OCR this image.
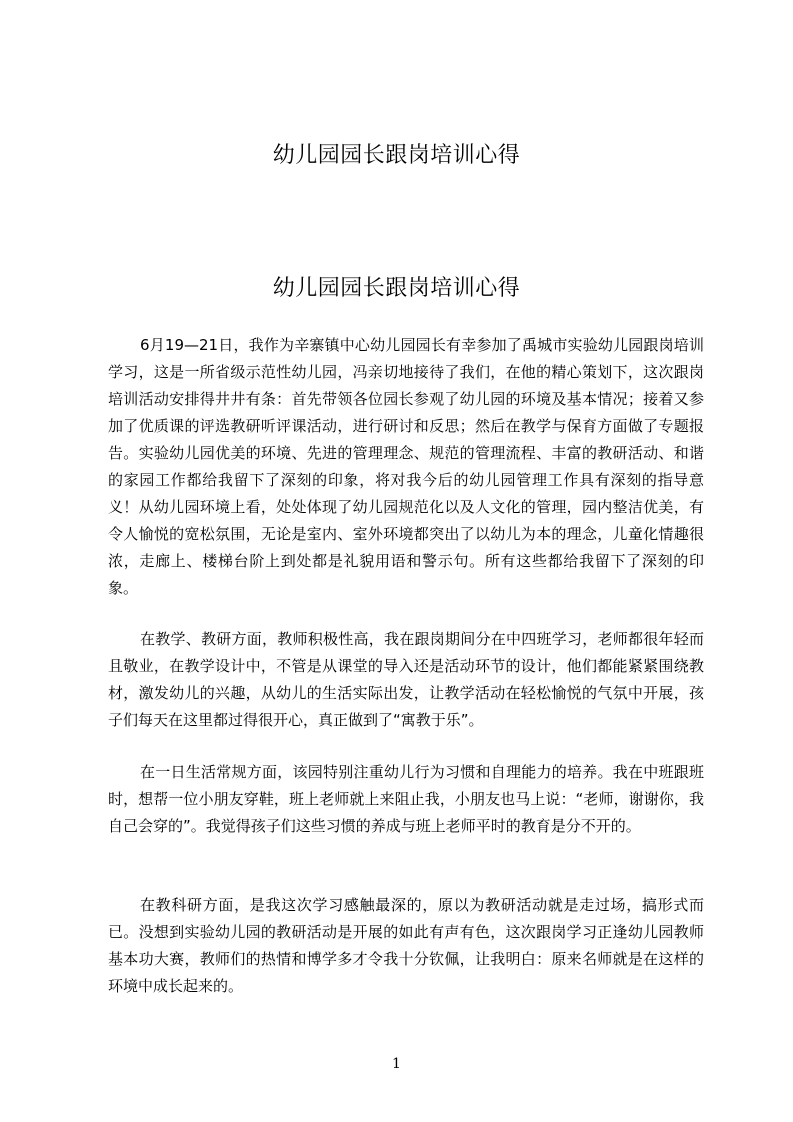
幼儿园园长跟岗培训心得
幼儿园园长跟岗培训心得

6月19—21日，我作为辛寨镇中心幼儿园园长有幸参加了禹城市实验幼儿园跟岗培训学习，这是一所省级示范性幼儿园，冯亲切地接待了我们，在他的精心策划下，这次跟岗培训活动安排得井井有条：首先带领各位园长参观了幼儿园的环境及基本情况；接着又参加了优质课的评选教研听评课活动，进行研讨和反思；然后在教学与保育方面做了专题报告。实验幼儿园优美的环境、先进的管理理念、规范的管理流程、丰富的教研活动、和谐的家园工作都给我留下了深刻的印象，将对我今后的幼儿园管理工作具有深刻的指导意义！从幼儿园环境上看，处处体现了幼儿园规范化以及人文化的管理，园内整洁优美，有令人愉悦的宽松氛围，无论是室内、室外环境都突出了以幼儿为本的理念，儿童化情趣很浓，走廊上、楼梯台阶上到处都是礼貌用语和警示句。所有这些都给我留下了深刻的印象。

在教学、教研方面，教师积极性高，我在跟岗期间分在中四班学习，老师都很年轻而且敬业，在教学设计中，不管是从课堂的导入还是活动环节的设计，他们都能紧紧围绕教材，激发幼儿的兴趣，从幼儿的生活实际出发，让教学活动在轻松愉悦的气氛中开展，孩子们每天在这里都过得很开心，真正做到了“寓教于乐”。

在一日生活常规方面，该园特别注重幼儿行为习惯和自理能力的培养。我在中班跟班时，想帮一位小朋友穿鞋，班上老师就上来阻止我，小朋友也马上说：“老师，谢谢你，我自己会穿的”。我觉得孩子们这些习惯的养成与班上老师平时的教育是分不开的。

在教科研方面，是我这次学习感触最深的，原以为教研活动就是走过场，搞形式而已。没想到实验幼儿园的教研活动是开展的如此有声有色，这次跟岗学习正逢幼儿园教师基本功大赛，教师们的热情和博学多才令我十分钦佩，让我明白：原来名师就是在这样的环境中成长起来的。

1
